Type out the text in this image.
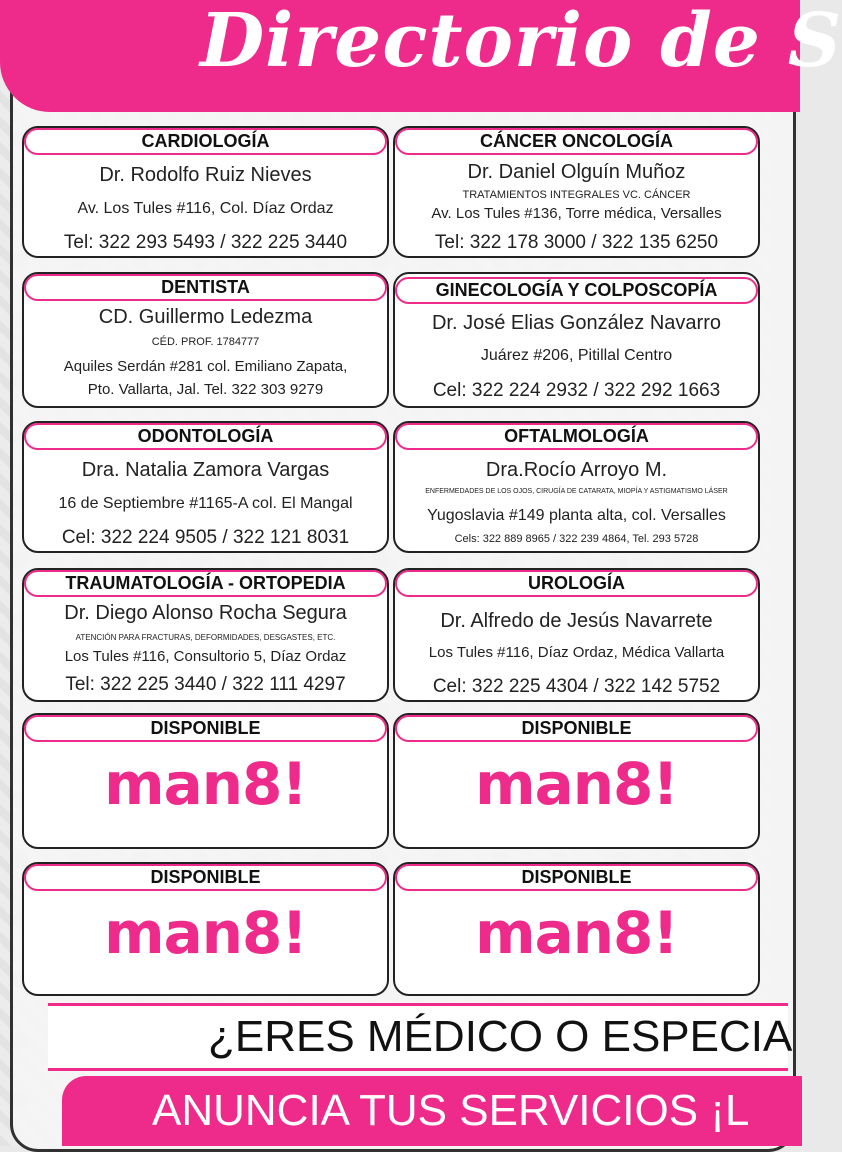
Directorio de S
CARDIOLOGÍA
Dr. Rodolfo Ruiz Nieves
Av. Los Tules #116, Col. Díaz Ordaz
Tel: 322 293 5493 / 322 225 3440
CÁNCER ONCOLOGÍA
Dr. Daniel Olguín Muñoz
TRATAMIENTOS INTEGRALES VC. CÁNCER
Av. Los Tules #136, Torre médica, Versalles
Tel: 322 178 3000 / 322 135 6250
DENTISTA
CD. Guillermo Ledezma
CÉD. PROF. 1784777
Aquiles Serdán #281 col. Emiliano Zapata,
Pto. Vallarta, Jal. Tel. 322 303 9279
GINECOLOGÍA Y COLPOSCOPÍA
Dr. José Elias González Navarro
Juárez #206, Pitillal Centro
Cel: 322 224 2932 / 322 292 1663
ODONTOLOGÍA
Dra. Natalia Zamora Vargas
16 de Septiembre #1165-A col. El Mangal
Cel: 322 224 9505 / 322 121 8031
OFTALMOLOGÍA
Dra.Rocío Arroyo M.
ENFERMEDADES DE LOS OJOS, CIRUGÍA DE CATARATA, MIOPÍA Y ASTIGMATISMO LÁSER
Yugoslavia #149 planta alta, col. Versalles
Cels: 322 889 8965 / 322 239 4864, Tel. 293 5728
TRAUMATOLOGÍA - ORTOPEDIA
Dr. Diego Alonso Rocha Segura
ATENCIÓN PARA FRACTURAS, DEFORMIDADES, DESGASTES, ETC.
Los Tules #116, Consultorio 5, Díaz Ordaz
Tel: 322 225 3440 / 322 111 4297
UROLOGÍA
Dr. Alfredo de Jesús Navarrete
Los Tules #116, Díaz Ordaz, Médica Vallarta
Cel: 322 225 4304 / 322 142 5752
DISPONIBLE
man8!
DISPONIBLE
man8!
DISPONIBLE
man8!
DISPONIBLE
man8!
¿ERES MÉDICO O ESPECIA
ANUNCIA TUS SERVICIOS ¡L
